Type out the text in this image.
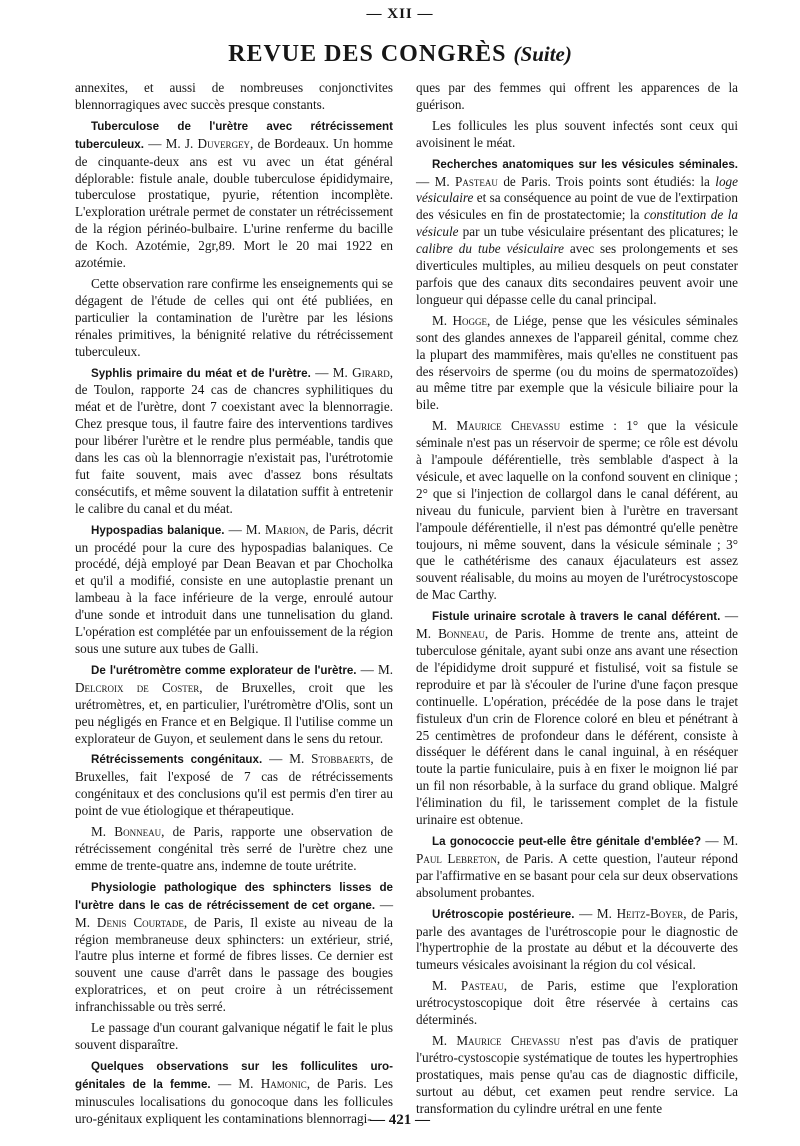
— XII —
REVUE DES CONGRÈS (Suite)

annexites, et aussi de nombreuses conjonctivites blennorragiques avec succès presque constants.

Tuberculose de l'urètre avec rétrécissement tuberculeux. — M. J. Duvergey, de Bordeaux. Un homme de cinquante-deux ans est vu avec un état général déplorable: fistule anale, double tuberculose épididymaire, tuberculose prostatique, pyurie, rétention incomplète. L'exploration urétrale permet de constater un rétrécissement de la région périnéo-bulbaire. L'urine renferme du bacille de Koch. Azotémie, 2gr,89. Mort le 20 mai 1922 en azotémie.

Cette observation rare confirme les enseignements qui se dégagent de l'étude de celles qui ont été publiées, en particulier la contamination de l'urètre par les lésions rénales primitives, la bénignité relative du rétrécissement tuberculeux.

Syphlis primaire du méat et de l'urètre. — M. Girard, de Toulon, rapporte 24 cas de chancres syphilitiques du méat et de l'urètre, dont 7 coexistant avec la blennorragie. Chez presque tous, il fautre faire des interventions tardives pour libérer l'urètre et le rendre plus perméable, tandis que dans les cas où la blennorragie n'existait pas, l'urétrotomie fut faite souvent, mais avec d'assez bons résultats consécutifs, et même souvent la dilatation suffit à entretenir le calibre du canal et du méat.

Hypospadias balanique. — M. Marion, de Paris, décrit un procédé pour la cure des hypospadias balaniques. Ce procédé, déjà employé par Dean Beavan et par Chocholka et qu'il a modifié, consiste en une autoplastie prenant un lambeau à la face inférieure de la verge, enroulé autour d'une sonde et introduit dans une tunnelisation du gland. L'opération est complétée par un enfouissement de la région sous une suture aux tubes de Galli.

De l'urétromètre comme explorateur de l'urètre. — M. Delcroix de Coster, de Bruxelles, croit que les urétromètres, et, en particulier, l'urétromètre d'Olis, sont un peu négligés en France et en Belgique. Il l'utilise comme un explorateur de Guyon, et seulement dans le sens du retour.

Rétrécissements congénitaux. — M. Stobbaerts, de Bruxelles, fait l'exposé de 7 cas de rétrécissements congénitaux et des conclusions qu'il est permis d'en tirer au point de vue étiologique et thérapeutique.

M. Bonneau, de Paris, rapporte une observation de rétrécissement congénital très serré de l'urètre chez une emme de trente-quatre ans, indemne de toute urétrite.

Physiologie pathologique des sphincters lisses de l'urètre dans le cas de rétrécissement de cet organe. — M. Denis Courtade, de Paris, Il existe au niveau de la région membraneuse deux sphincters: un extérieur, strié, l'autre plus interne et formé de fibres lisses. Ce dernier est souvent une cause d'arrêt dans le passage des bougies exploratrices, et on peut croire à un rétrécissement infranchissable ou très serré.

Le passage d'un courant galvanique négatif le fait le plus souvent disparaître.

Quelques observations sur les folliculites uro-génitales de la femme. — M. Hamonic, de Paris. Les minuscules localisations du gonocoque dans les follicules uro-génitaux expliquent les contaminations blennorragi-

ques par des femmes qui offrent les apparences de la guérison.

Les follicules les plus souvent infectés sont ceux qui avoisinent le méat.

Recherches anatomiques sur les vésicules séminales. — M. Pasteau de Paris. Trois points sont étudiés: la loge vésiculaire et sa conséquence au point de vue de l'extirpation des vésicules en fin de prostatectomie; la constitution de la vésicule par un tube vésiculaire présentant des plicatures; le calibre du tube vésiculaire avec ses prolongements et ses diverticules multiples, au milieu desquels on peut constater parfois que des canaux dits secondaires peuvent avoir une longueur qui dépasse celle du canal principal.

M. Hogge, de Liége, pense que les vésicules séminales sont des glandes annexes de l'appareil génital, comme chez la plupart des mammifères, mais qu'elles ne constituent pas des réservoirs de sperme (ou du moins de spermatozoïdes) au même titre par exemple que la vésicule biliaire pour la bile.

M. Maurice Chevassu estime : 1° que la vésicule séminale n'est pas un réservoir de sperme; ce rôle est dévolu à l'ampoule déférentielle, très semblable d'aspect à la vésicule, et avec laquelle on la confond souvent en clinique ; 2° que si l'injection de collargol dans le canal déférent, au niveau du funicule, parvient bien à l'urètre en traversant l'ampoule déférentielle, il n'est pas démontré qu'elle penètre toujours, ni même souvent, dans la vésicule séminale ; 3° que le cathétérisme des canaux éjaculateurs est assez souvent réalisable, du moins au moyen de l'urétrocystoscope de Mac Carthy.

Fistule urinaire scrotale à travers le canal déférent. — M. Bonneau, de Paris. Homme de trente ans, atteint de tuberculose génitale, ayant subi onze ans avant une résection de l'épididyme droit suppuré et fistulisé, voit sa fistule se reproduire et par là s'écouler de l'urine d'une façon presque continuelle. L'opération, précédée de la pose dans le trajet fistuleux d'un crin de Florence coloré en bleu et pénétrant à 25 centimètres de profondeur dans le déférent, consiste à disséquer le déférent dans le canal inguinal, à en réséquer toute la partie funiculaire, puis à en fixer le moignon lié par un fil non résorbable, à la surface du grand oblique. Malgré l'élimination du fil, le tarissement complet de la fistule urinaire est obtenue.

La gonococcie peut-elle être génitale d'emblée? — M. Paul Lebreton, de Paris. A cette question, l'auteur répond par l'affirmative en se basant pour cela sur deux observations absolument probantes.

Urétroscopie postérieure. — M. Heitz-Boyer, de Paris, parle des avantages de l'urétroscopie pour le diagnostic de l'hypertrophie de la prostate au début et la découverte des tumeurs vésicales avoisinant la région du col vésical.

M. Pasteau, de Paris, estime que l'exploration urétrocystoscopique doit être réservée à certains cas déterminés.

M. Maurice Chevassu n'est pas d'avis de pratiquer l'urétro-cystoscopie systématique de toutes les hypertrophies prostatiques, mais pense qu'au cas de diagnostic difficile, surtout au début, cet examen peut rendre service. La transformation du cylindre urétral en une fente

— 421 —
